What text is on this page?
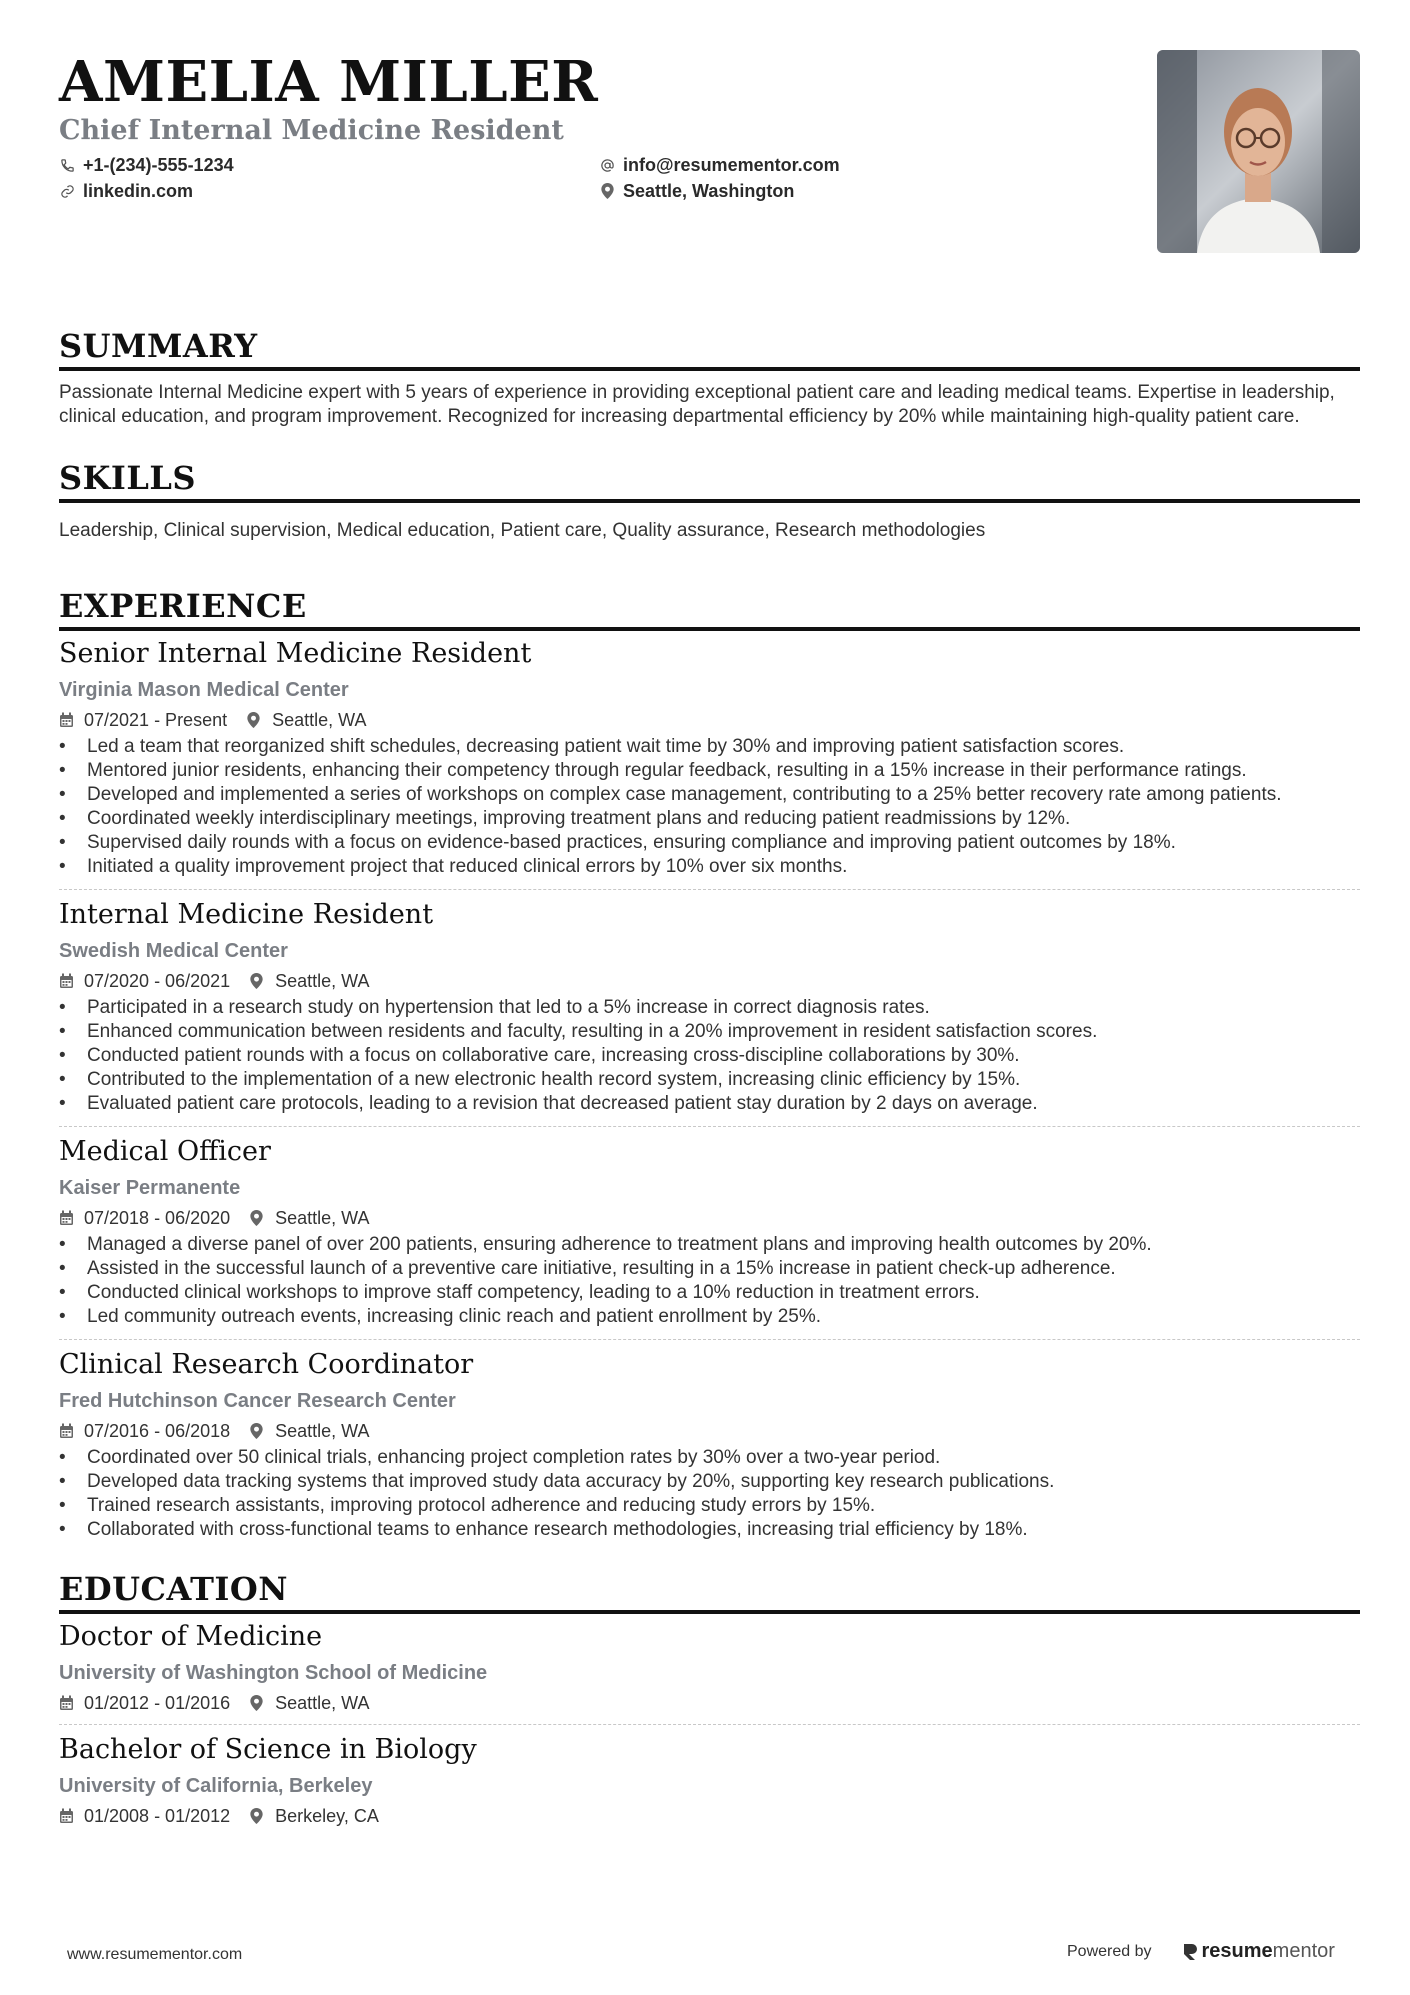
AMELIA MILLER
Chief Internal Medicine Resident
+1-(234)-555-1234	info@resumementor.com
linkedin.com	Seattle, Washington
SUMMARY
Passionate Internal Medicine expert with 5 years of experience in providing exceptional patient care and leading medical teams. Expertise in leadership, clinical education, and program improvement. Recognized for increasing departmental efficiency by 20% while maintaining high-quality patient care.
SKILLS
Leadership, Clinical supervision, Medical education, Patient care, Quality assurance, Research methodologies
EXPERIENCE
Senior Internal Medicine Resident
Virginia Mason Medical Center
07/2021 - Present	Seattle, WA
• Led a team that reorganized shift schedules, decreasing patient wait time by 30% and improving patient satisfaction scores.
• Mentored junior residents, enhancing their competency through regular feedback, resulting in a 15% increase in their performance ratings.
• Developed and implemented a series of workshops on complex case management, contributing to a 25% better recovery rate among patients.
• Coordinated weekly interdisciplinary meetings, improving treatment plans and reducing patient readmissions by 12%.
• Supervised daily rounds with a focus on evidence-based practices, ensuring compliance and improving patient outcomes by 18%.
• Initiated a quality improvement project that reduced clinical errors by 10% over six months.
Internal Medicine Resident
Swedish Medical Center
07/2020 - 06/2021	Seattle, WA
• Participated in a research study on hypertension that led to a 5% increase in correct diagnosis rates.
• Enhanced communication between residents and faculty, resulting in a 20% improvement in resident satisfaction scores.
• Conducted patient rounds with a focus on collaborative care, increasing cross-discipline collaborations by 30%.
• Contributed to the implementation of a new electronic health record system, increasing clinic efficiency by 15%.
• Evaluated patient care protocols, leading to a revision that decreased patient stay duration by 2 days on average.
Medical Officer
Kaiser Permanente
07/2018 - 06/2020	Seattle, WA
• Managed a diverse panel of over 200 patients, ensuring adherence to treatment plans and improving health outcomes by 20%.
• Assisted in the successful launch of a preventive care initiative, resulting in a 15% increase in patient check-up adherence.
• Conducted clinical workshops to improve staff competency, leading to a 10% reduction in treatment errors.
• Led community outreach events, increasing clinic reach and patient enrollment by 25%.
Clinical Research Coordinator
Fred Hutchinson Cancer Research Center
07/2016 - 06/2018	Seattle, WA
• Coordinated over 50 clinical trials, enhancing project completion rates by 30% over a two-year period.
• Developed data tracking systems that improved study data accuracy by 20%, supporting key research publications.
• Trained research assistants, improving protocol adherence and reducing study errors by 15%.
• Collaborated with cross-functional teams to enhance research methodologies, increasing trial efficiency by 18%.
EDUCATION
Doctor of Medicine
University of Washington School of Medicine
01/2012 - 01/2016	Seattle, WA
Bachelor of Science in Biology
University of California, Berkeley
01/2008 - 01/2012	Berkeley, CA
www.resumementor.com	Powered by	resume mentor
